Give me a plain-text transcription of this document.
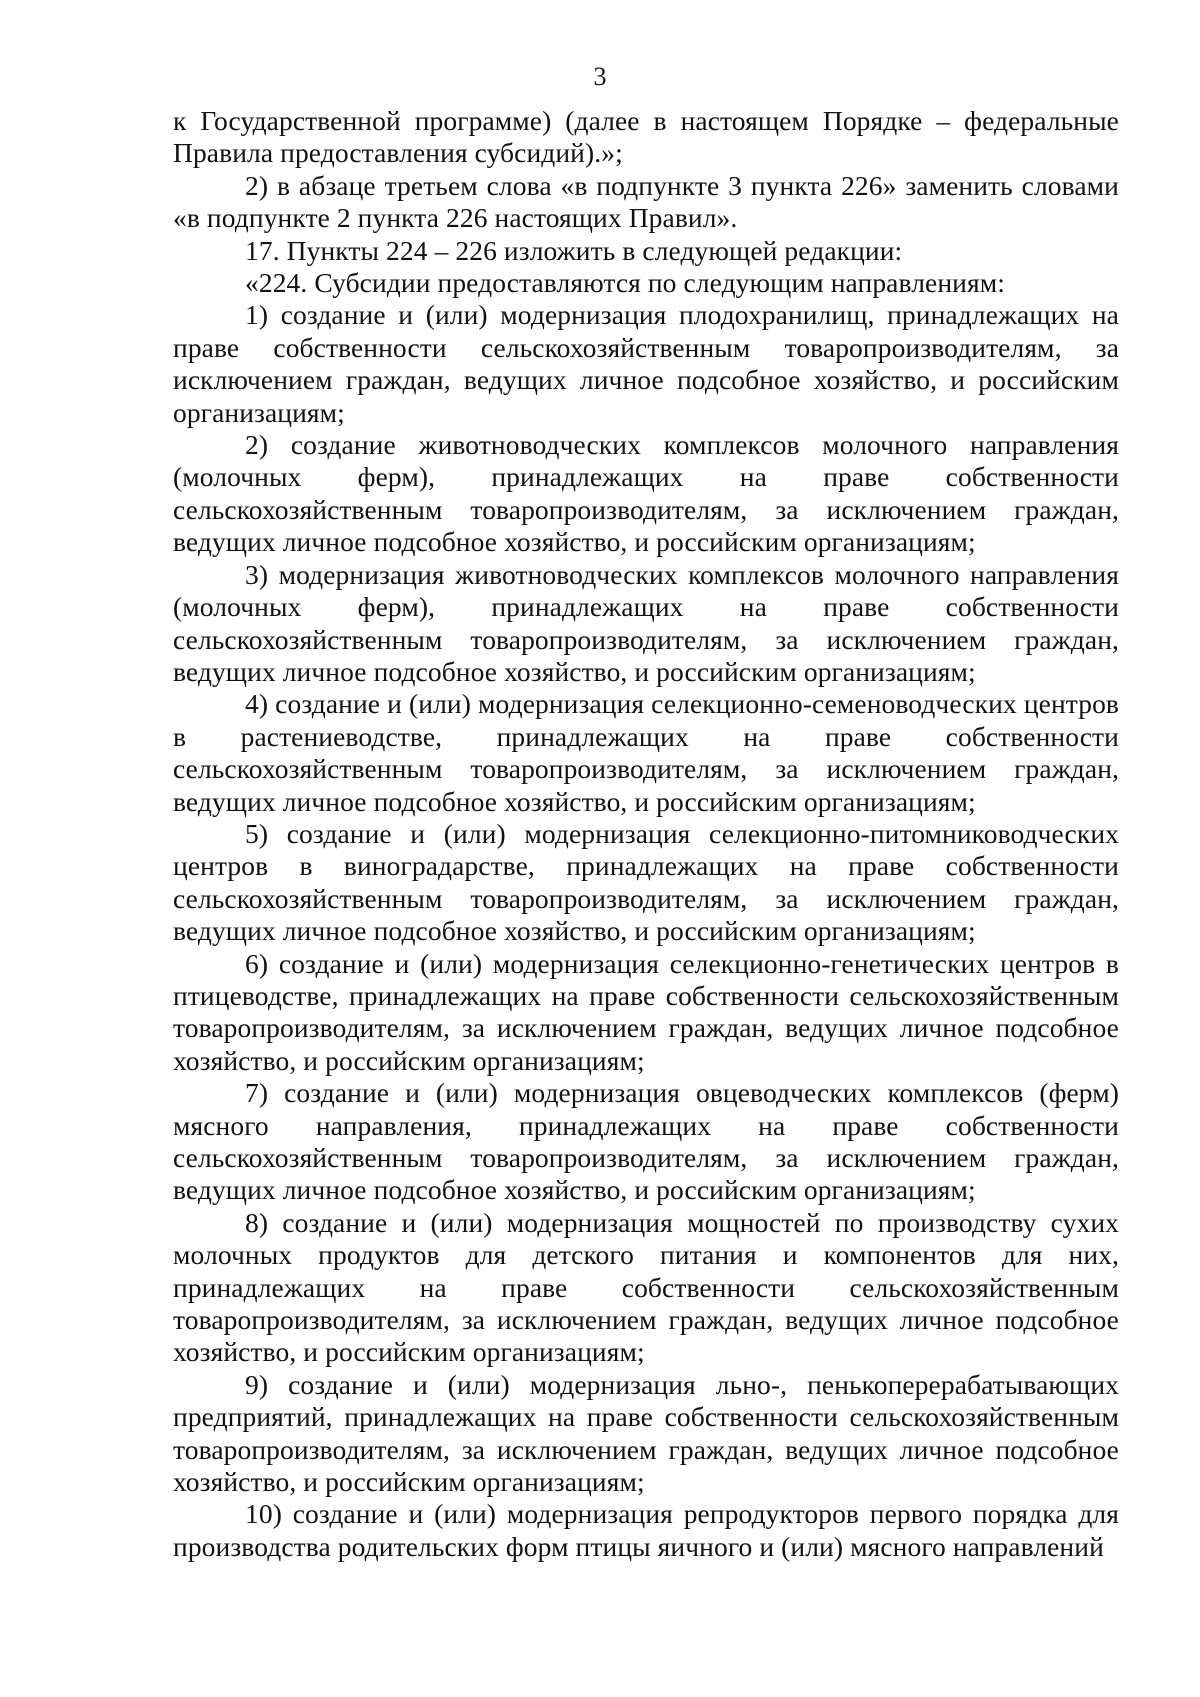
3

к Государственной программе) (далее в настоящем Порядке – федеральные Правила предоставления субсидий).»;

2) в абзаце третьем слова «в подпункте 3 пункта 226» заменить словами «в подпункте 2 пункта 226 настоящих Правил».

17. Пункты 224 – 226 изложить в следующей редакции:

«224. Субсидии предоставляются по следующим направлениям:

1) создание и (или) модернизация плодохранилищ, принадлежащих на праве собственности сельскохозяйственным товаропроизводителям, за исключением граждан, ведущих личное подсобное хозяйство, и российским организациям;

2) создание животноводческих комплексов молочного направления (молочных ферм), принадлежащих на праве собственности сельскохозяйственным товаропроизводителям, за исключением граждан, ведущих личное подсобное хозяйство, и российским организациям;

3) модернизация животноводческих комплексов молочного направления (молочных ферм), принадлежащих на праве собственности сельскохозяйственным товаропроизводителям, за исключением граждан, ведущих личное подсобное хозяйство, и российским организациям;

4) создание и (или) модернизация селекционно-семеноводческих центров в растениеводстве, принадлежащих на праве собственности сельскохозяйственным товаропроизводителям, за исключением граждан, ведущих личное подсобное хозяйство, и российским организациям;

5) создание и (или) модернизация селекционно-питомниководческих центров в виноградарстве, принадлежащих на праве собственности сельскохозяйственным товаропроизводителям, за исключением граждан, ведущих личное подсобное хозяйство, и российским организациям;

6) создание и (или) модернизация селекционно-генетических центров в птицеводстве, принадлежащих на праве собственности сельскохозяйственным товаропроизводителям, за исключением граждан, ведущих личное подсобное хозяйство, и российским организациям;

7) создание и (или) модернизация овцеводческих комплексов (ферм) мясного направления, принадлежащих на праве собственности сельскохозяйственным товаропроизводителям, за исключением граждан, ведущих личное подсобное хозяйство, и российским организациям;

8) создание и (или) модернизация мощностей по производству сухих молочных продуктов для детского питания и компонентов для них, принадлежащих на праве собственности сельскохозяйственным товаропроизводителям, за исключением граждан, ведущих личное подсобное хозяйство, и российским организациям;

9) создание и (или) модернизация льно-, пенькоперерабатывающих предприятий, принадлежащих на праве собственности сельскохозяйственным товаропроизводителям, за исключением граждан, ведущих личное подсобное хозяйство, и российским организациям;

10) создание и (или) модернизация репродукторов первого порядка для производства родительских форм птицы яичного и (или) мясного направлений
